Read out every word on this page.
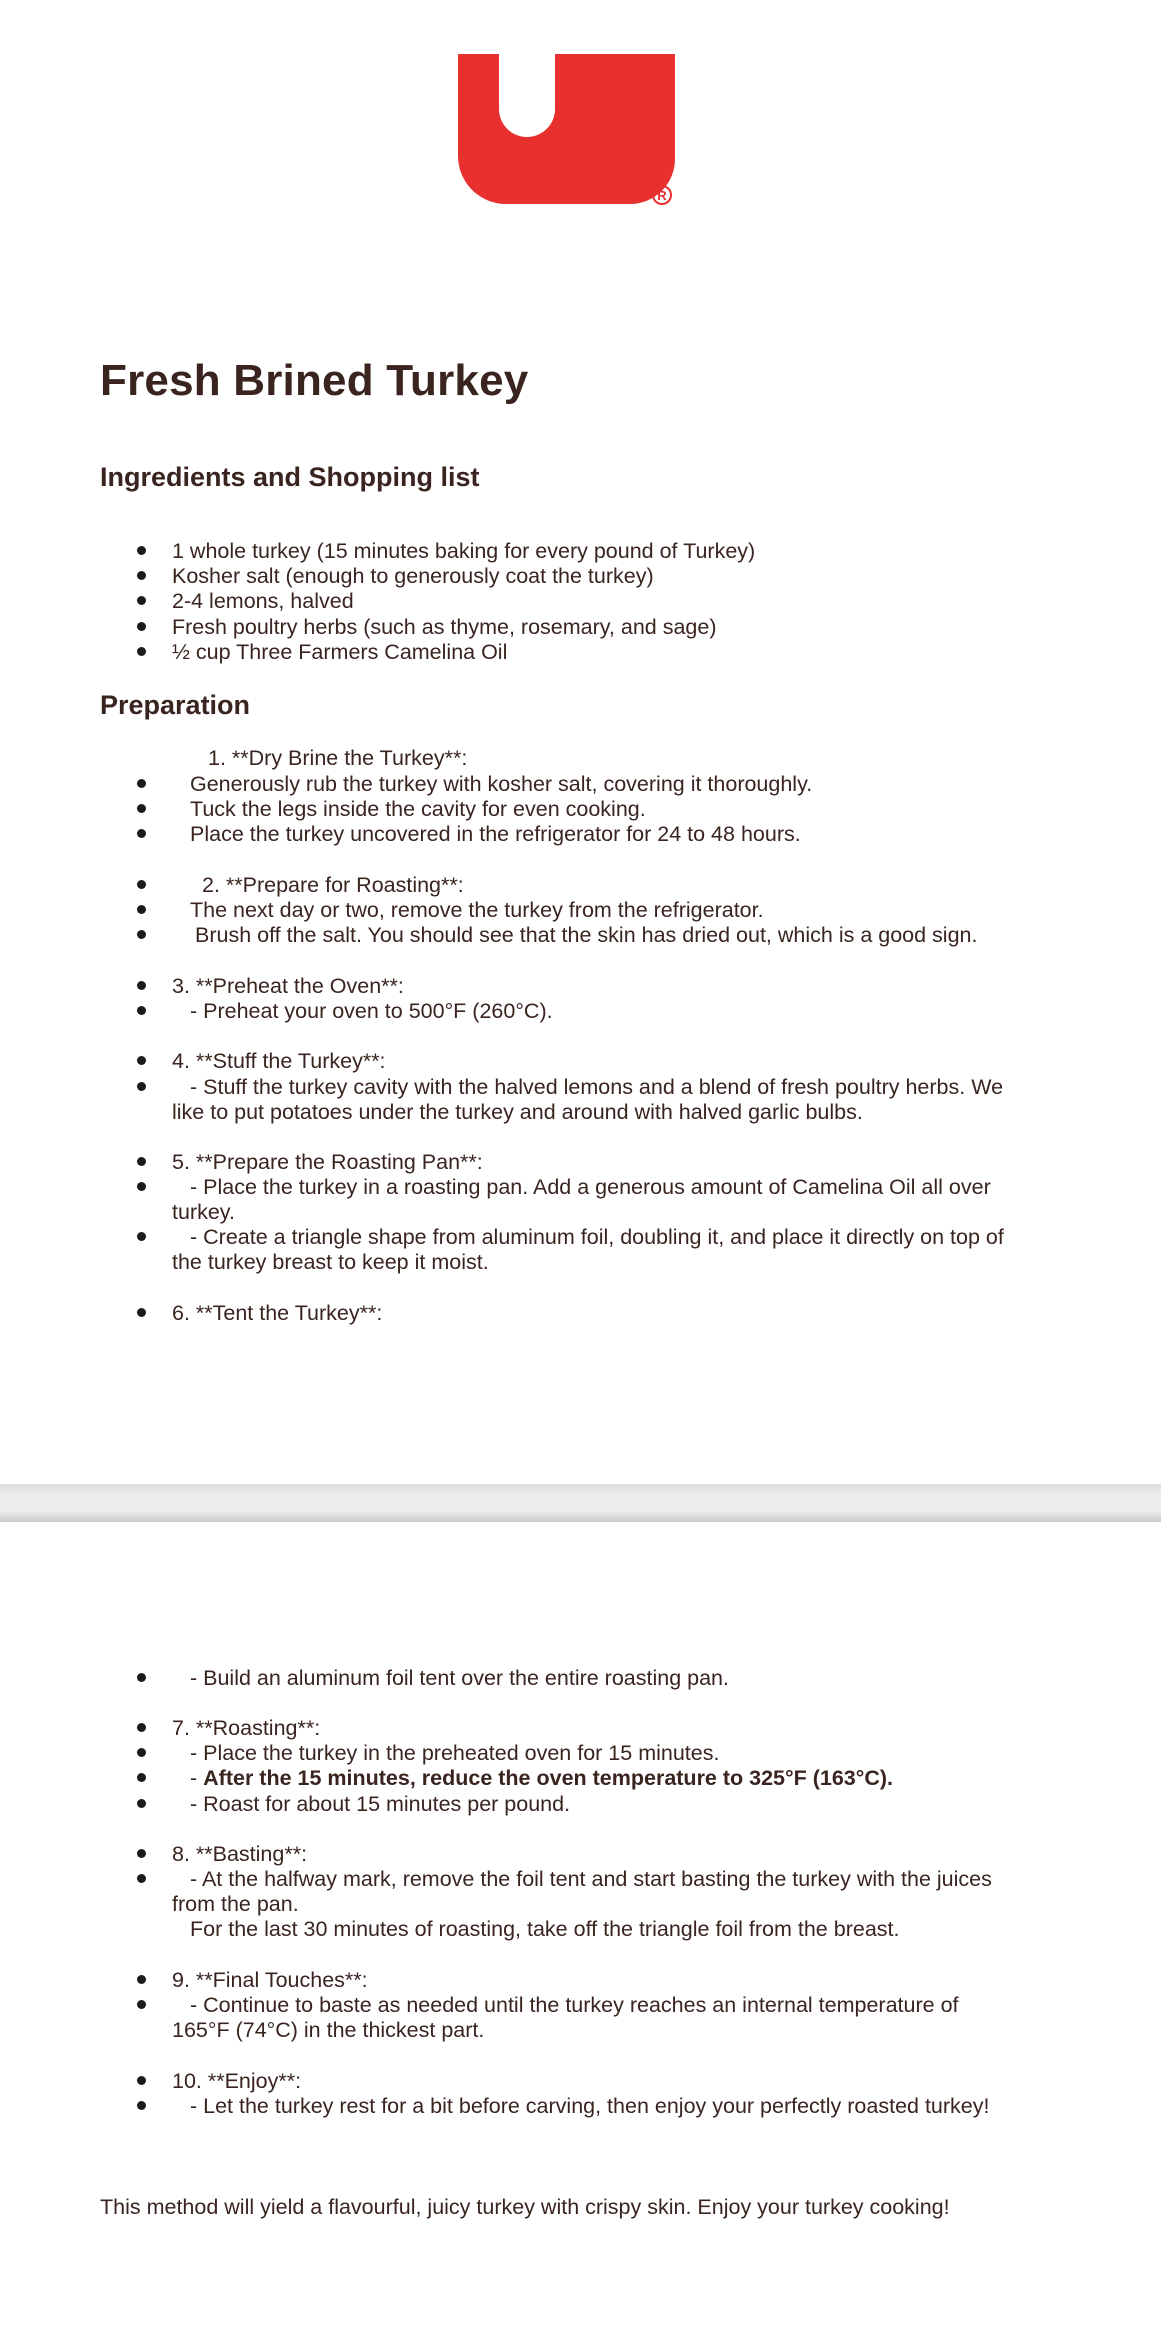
R
Fresh Brined Turkey
Ingredients and Shopping list

1 whole turkey (15 minutes baking for every pound of Turkey)

Kosher salt (enough to generously coat the turkey)

2-4 lemons, halved

Fresh poultry herbs (such as thyme, rosemary, and sage)

½ cup Three Farmers Camelina Oil

Preparation

1. **Dry Brine the Turkey**:

Generously rub the turkey with kosher salt, covering it thoroughly.

Tuck the legs inside the cavity for even cooking.

Place the turkey uncovered in the refrigerator for 24 to 48 hours.

2. **Prepare for Roasting**:

The next day or two, remove the turkey from the refrigerator.

Brush off the salt. You should see that the skin has dried out, which is a good sign.

3. **Preheat the Oven**:

- Preheat your oven to 500°F (260°C).

4. **Stuff the Turkey**:

- Stuff the turkey cavity with the halved lemons and a blend of fresh poultry herbs. We

like to put potatoes under the turkey and around with halved garlic bulbs.

5. **Prepare the Roasting Pan**:

- Place the turkey in a roasting pan. Add a generous amount of Camelina Oil all over

turkey.

- Create a triangle shape from aluminum foil, doubling it, and place it directly on top of

the turkey breast to keep it moist.

6. **Tent the Turkey**:

- Build an aluminum foil tent over the entire roasting pan.

7. **Roasting**:

- Place the turkey in the preheated oven for 15 minutes.

- After the 15 minutes, reduce the oven temperature to 325°F (163°C).

- Roast for about 15 minutes per pound.

8. **Basting**:

- At the halfway mark, remove the foil tent and start basting the turkey with the juices

from the pan.

For the last 30 minutes of roasting, take off the triangle foil from the breast.

9. **Final Touches**:

- Continue to baste as needed until the turkey reaches an internal temperature of

165°F (74°C) in the thickest part.

10. **Enjoy**:

- Let the turkey rest for a bit before carving, then enjoy your perfectly roasted turkey!

This method will yield a flavourful, juicy turkey with crispy skin. Enjoy your turkey cooking!
